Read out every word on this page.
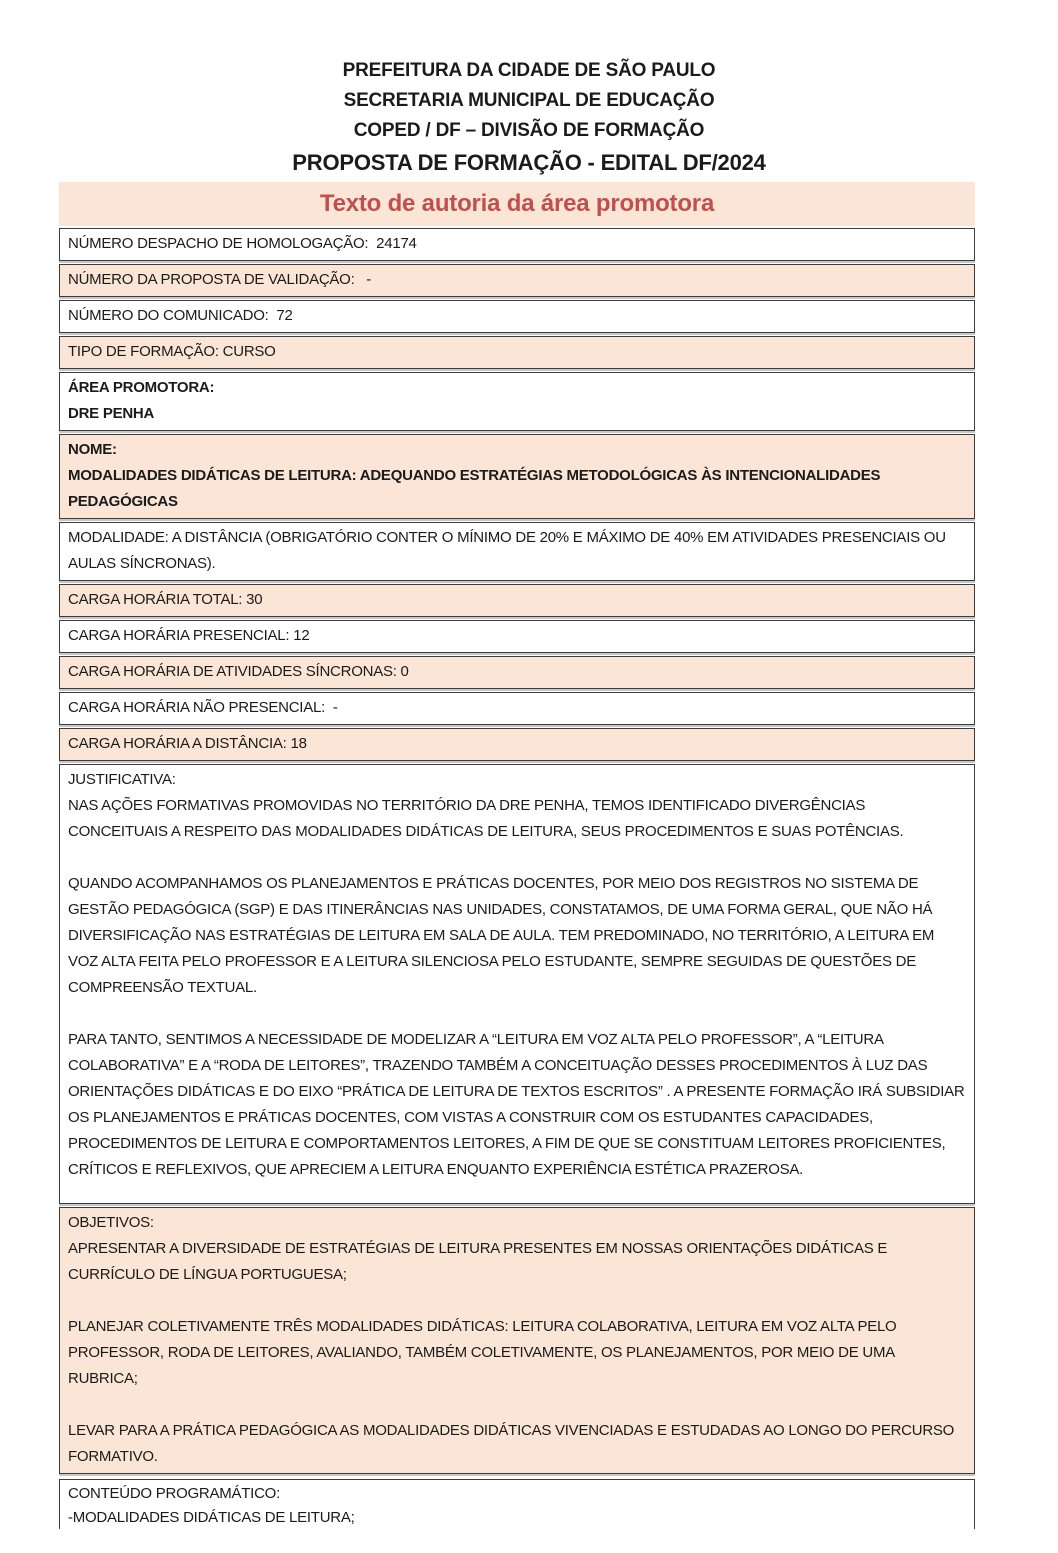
PREFEITURA DA CIDADE DE SÃO PAULO
SECRETARIA MUNICIPAL DE EDUCAÇÃO
COPED / DF – DIVISÃO DE FORMAÇÃO
PROPOSTA DE FORMAÇÃO - EDITAL DF/2024
Texto de autoria da área promotora
NÚMERO DESPACHO DE HOMOLOGAÇÃO:  24174
NÚMERO DA PROPOSTA DE VALIDAÇÃO:   -
NÚMERO DO COMUNICADO:  72
TIPO DE FORMAÇÃO: CURSO
ÁREA PROMOTORA:
DRE PENHA
NOME:
MODALIDADES DIDÁTICAS DE LEITURA: ADEQUANDO ESTRATÉGIAS METODOLÓGICAS ÀS INTENCIONALIDADES PEDAGÓGICAS
MODALIDADE: A DISTÂNCIA (OBRIGATÓRIO CONTER O MÍNIMO DE 20% E MÁXIMO DE 40% EM ATIVIDADES PRESENCIAIS OU AULAS SÍNCRONAS).
CARGA HORÁRIA TOTAL: 30
CARGA HORÁRIA PRESENCIAL: 12
CARGA HORÁRIA DE ATIVIDADES SÍNCRONAS: 0
CARGA HORÁRIA NÃO PRESENCIAL:  -
CARGA HORÁRIA A DISTÂNCIA: 18
JUSTIFICATIVA:
NAS AÇÕES FORMATIVAS PROMOVIDAS NO TERRITÓRIO DA DRE PENHA, TEMOS IDENTIFICADO DIVERGÊNCIAS CONCEITUAIS A RESPEITO DAS MODALIDADES DIDÁTICAS DE LEITURA, SEUS PROCEDIMENTOS E SUAS POTÊNCIAS.

QUANDO ACOMPANHAMOS OS PLANEJAMENTOS E PRÁTICAS DOCENTES, POR MEIO DOS REGISTROS NO SISTEMA DE GESTÃO PEDAGÓGICA (SGP) E DAS ITINERÂNCIAS NAS UNIDADES, CONSTATAMOS, DE UMA FORMA GERAL, QUE NÃO HÁ DIVERSIFICAÇÃO NAS ESTRATÉGIAS DE LEITURA EM SALA DE AULA. TEM PREDOMINADO, NO TERRITÓRIO, A LEITURA EM VOZ ALTA FEITA PELO PROFESSOR E A LEITURA SILENCIOSA PELO ESTUDANTE, SEMPRE SEGUIDAS DE QUESTÕES DE COMPREENSÃO TEXTUAL.

PARA TANTO, SENTIMOS A NECESSIDADE DE MODELIZAR A “LEITURA EM VOZ ALTA PELO PROFESSOR”, A “LEITURA COLABORATIVA” E A “RODA DE LEITORES”, TRAZENDO TAMBÉM A CONCEITUAÇÃO DESSES PROCEDIMENTOS À LUZ DAS ORIENTAÇÕES DIDÁTICAS E DO EIXO “PRÁTICA DE LEITURA DE TEXTOS ESCRITOS” . A PRESENTE FORMAÇÃO IRÁ SUBSIDIAR OS PLANEJAMENTOS E PRÁTICAS DOCENTES, COM VISTAS A CONSTRUIR COM OS ESTUDANTES CAPACIDADES, PROCEDIMENTOS DE LEITURA E COMPORTAMENTOS LEITORES, A FIM DE QUE SE CONSTITUAM LEITORES PROFICIENTES, CRÍTICOS E REFLEXIVOS, QUE APRECIEM A LEITURA ENQUANTO EXPERIÊNCIA ESTÉTICA PRAZEROSA.
OBJETIVOS:
APRESENTAR A DIVERSIDADE DE ESTRATÉGIAS DE LEITURA PRESENTES EM NOSSAS ORIENTAÇÕES DIDÁTICAS E CURRÍCULO DE LÍNGUA PORTUGUESA;

PLANEJAR COLETIVAMENTE TRÊS MODALIDADES DIDÁTICAS: LEITURA COLABORATIVA, LEITURA EM VOZ ALTA PELO PROFESSOR, RODA DE LEITORES, AVALIANDO, TAMBÉM COLETIVAMENTE, OS PLANEJAMENTOS, POR MEIO DE UMA RUBRICA;

LEVAR PARA A PRÁTICA PEDAGÓGICA AS MODALIDADES DIDÁTICAS VIVENCIADAS E ESTUDADAS AO LONGO DO PERCURSO FORMATIVO.
CONTEÚDO PROGRAMÁTICO:
-MODALIDADES DIDÁTICAS DE LEITURA;
